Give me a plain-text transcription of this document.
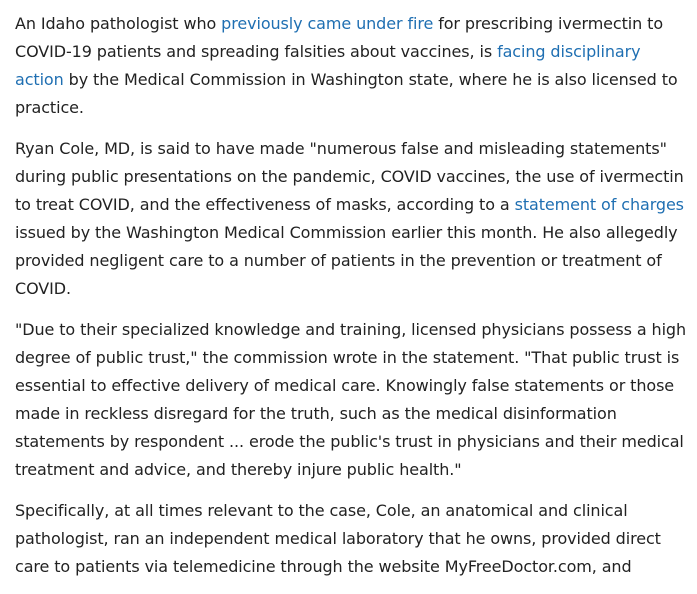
An Idaho pathologist who previously came under fire for prescribing ivermectin to COVID-19 patients and spreading falsities about vaccines, is facing disciplinary action by the Medical Commission in Washington state, where he is also licensed to practice.

Ryan Cole, MD, is said to have made "numerous false and misleading statements" during public presentations on the pandemic, COVID vaccines, the use of ivermectin to treat COVID, and the effectiveness of masks, according to a statement of charges issued by the Washington Medical Commission earlier this month. He also allegedly provided negligent care to a number of patients in the prevention or treatment of COVID.

"Due to their specialized knowledge and training, licensed physicians possess a high degree of public trust," the commission wrote in the statement. "That public trust is essential to effective delivery of medical care. Knowingly false statements or those made in reckless disregard for the truth, such as the medical disinformation statements by respondent ... erode the public's trust in physicians and their medical treatment and advice, and thereby injure public health."

Specifically, at all times relevant to the case, Cole, an anatomical and clinical pathologist, ran an independent medical laboratory that he owns, provided direct care to patients via telemedicine through the website MyFreeDoctor.com, and
